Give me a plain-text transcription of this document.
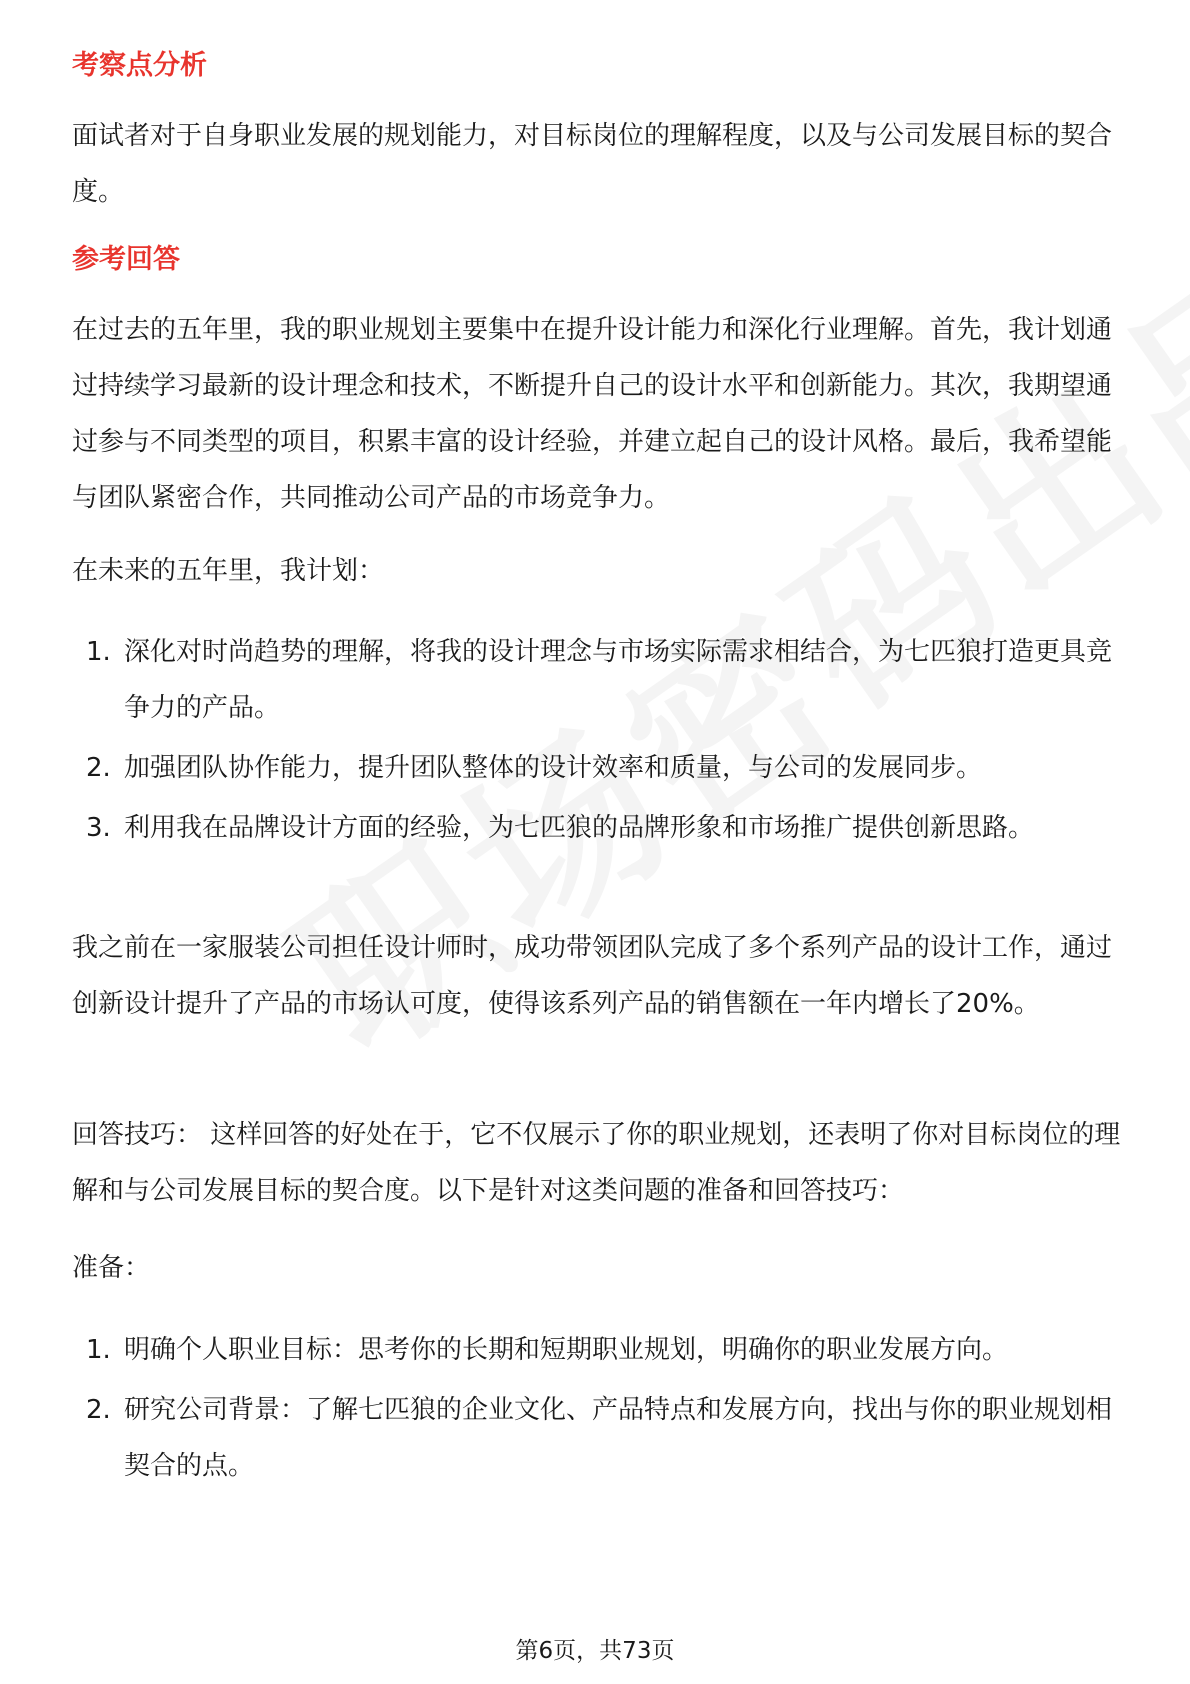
考察点分析

面试者对于自身职业发展的规划能力，对目标岗位的理解程度，以及与公司发展目标的契合度。

参考回答

在过去的五年里，我的职业规划主要集中在提升设计能力和深化行业理解。首先，我计划通过持续学习最新的设计理念和技术，不断提升自己的设计水平和创新能力。其次，我期望通过参与不同类型的项目，积累丰富的设计经验，并建立起自己的设计风格。最后，我希望能与团队紧密合作，共同推动公司产品的市场竞争力。

在未来的五年里，我计划：

1. 深化对时尚趋势的理解，将我的设计理念与市场实际需求相结合，为七匹狼打造更具竞争力的产品。
2. 加强团队协作能力，提升团队整体的设计效率和质量，与公司的发展同步。
3. 利用我在品牌设计方面的经验，为七匹狼的品牌形象和市场推广提供创新思路。

我之前在一家服装公司担任设计师时，成功带领团队完成了多个系列产品的设计工作，通过创新设计提升了产品的市场认可度，使得该系列产品的销售额在一年内增长了20%。

回答技巧： 这样回答的好处在于，它不仅展示了你的职业规划，还表明了你对目标岗位的理解和与公司发展目标的契合度。以下是针对这类问题的准备和回答技巧：

准备：

1. 明确个人职业目标：思考你的长期和短期职业规划，明确你的职业发展方向。
2. 研究公司背景：了解七匹狼的企业文化、产品特点和发展方向，找出与你的职业规划相契合的点。
第6页，共73页
